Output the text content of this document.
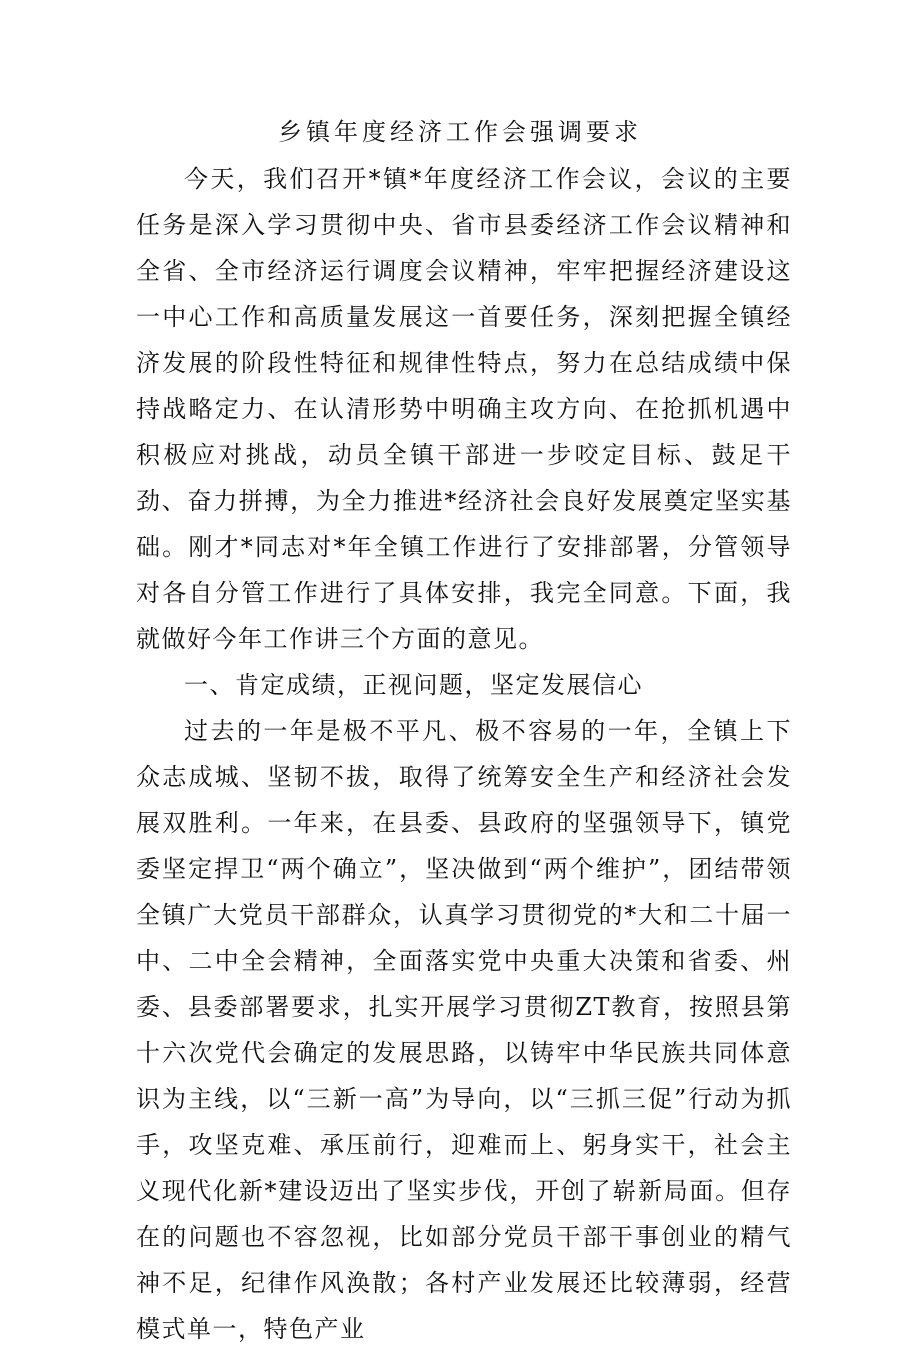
乡镇年度经济工作会强调要求

今天，我们召开*镇*年度经济工作会议，会议的主要任务是深入学习贯彻中央、省市县委经济工作会议精神和全省、全市经济运行调度会议精神，牢牢把握经济建设这一中心工作和高质量发展这一首要任务，深刻把握全镇经济发展的阶段性特征和规律性特点，努力在总结成绩中保持战略定力、在认清形势中明确主攻方向、在抢抓机遇中积极应对挑战，动员全镇干部进一步咬定目标、鼓足干劲、奋力拼搏，为全力推进*经济社会良好发展奠定坚实基础。刚才*同志对*年全镇工作进行了安排部署，分管领导对各自分管工作进行了具体安排，我完全同意。下面，我就做好今年工作讲三个方面的意见。

一、肯定成绩，正视问题，坚定发展信心

过去的一年是极不平凡、极不容易的一年，全镇上下众志成城、坚韧不拔，取得了统筹安全生产和经济社会发展双胜利。一年来，在县委、县政府的坚强领导下，镇党委坚定捍卫“两个确立”，坚决做到“两个维护”，团结带领全镇广大党员干部群众，认真学习贯彻党的*大和二十届一中、二中全会精神，全面落实党中央重大决策和省委、州委、县委部署要求，扎实开展学习贯彻ZT教育，按照县第十六次党代会确定的发展思路，以铸牢中华民族共同体意识为主线，以“三新一高”为导向，以“三抓三促”行动为抓手，攻坚克难、承压前行，迎难而上、躬身实干，社会主义现代化新*建设迈出了坚实步伐，开创了崭新局面。但存在的问题也不容忽视，比如部分党员干部干事创业的精气神不足，纪律作风涣散；各村产业发展还比较薄弱，经营模式单一，特色产业
